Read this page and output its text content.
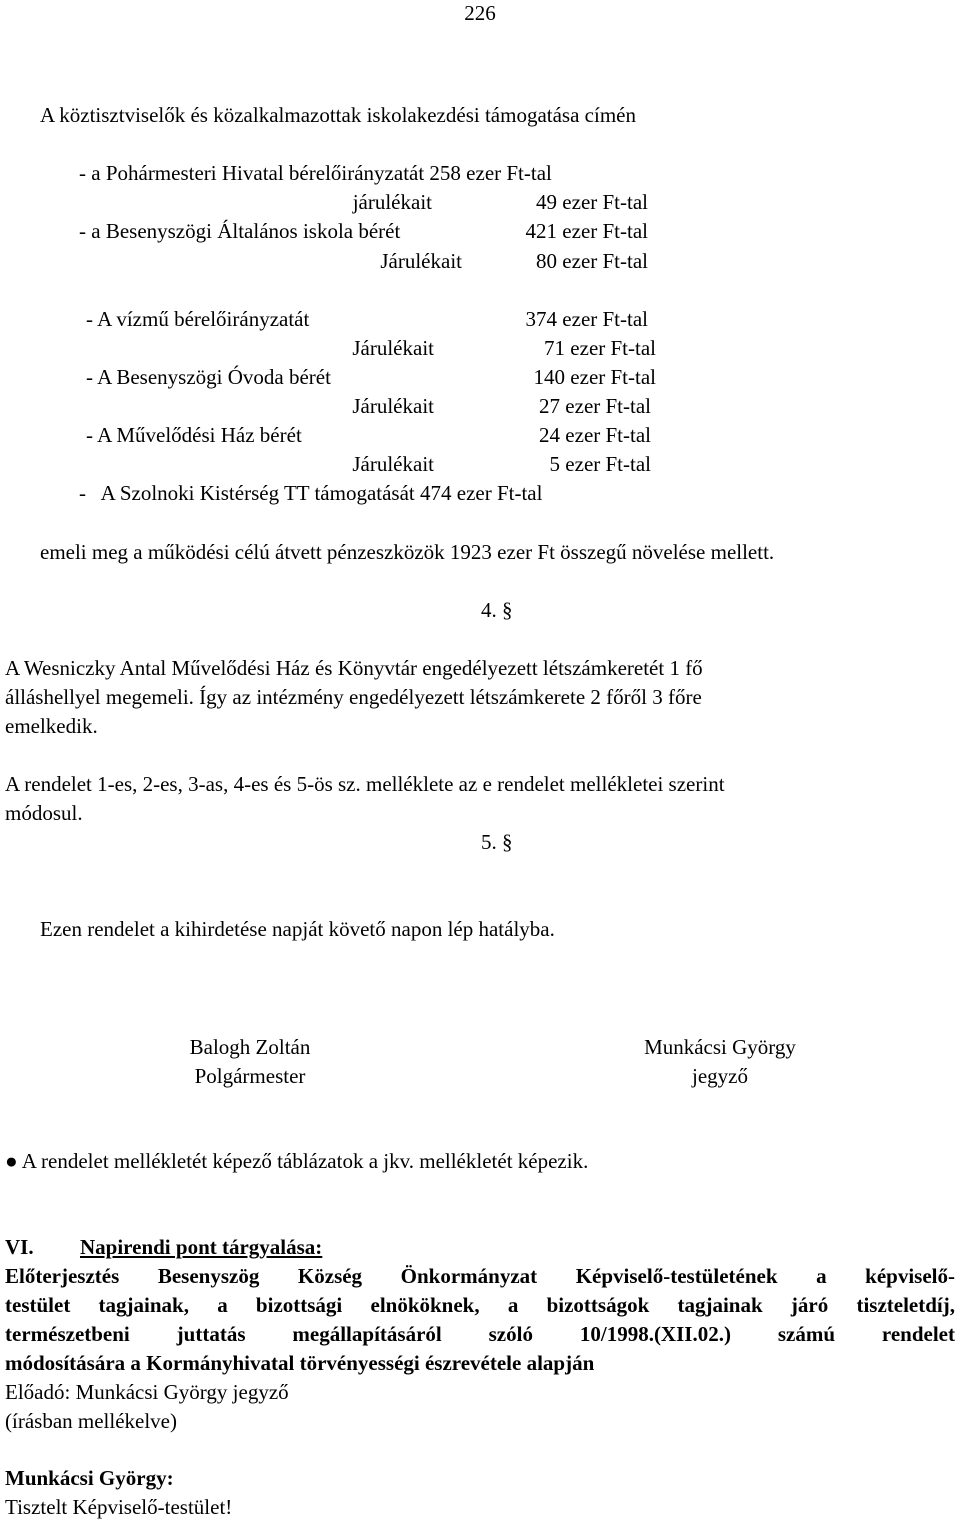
226
A köztisztviselők és közalkalmazottak iskolakezdési támogatása címén
- a Pohármesteri Hivatal bérelőirányzatát 258 ezer Ft-tal
járulékait	49 ezer Ft-tal
- a Besenyszögi Általános iskola bérét	421 ezer Ft-tal
Járulékait	80 ezer Ft-tal
- A vízmű bérelőirányzatát	374 ezer Ft-tal
Járulékait	71 ezer Ft-tal
- A Besenyszögi Óvoda bérét	140 ezer Ft-tal
Járulékait	27 ezer Ft-tal
- A Művelődési Ház bérét	24 ezer Ft-tal
Járulékait	5 ezer Ft-tal
-   A Szolnoki Kistérség TT támogatását 474 ezer Ft-tal
emeli meg a működési célú átvett pénzeszközök 1923 ezer Ft összegű növelése mellett.
4. §
A Wesniczky Antal Művelődési Ház és Könyvtár engedélyezett létszámkeretét 1 fő
álláshellyel megemeli. Így az intézmény engedélyezett létszámkerete 2 főről 3 főre
emelkedik.
A rendelet 1-es, 2-es, 3-as, 4-es és 5-ös sz. melléklete az e rendelet mellékletei szerint
módosul.
5. §
Ezen rendelet a kihirdetése napját követő napon lép hatályba.
Balogh Zoltán
Polgármester
Munkácsi György
jegyző
● A rendelet mellékletét képező táblázatok a jkv. mellékletét képezik.
VI. Napirendi pont tárgyalása:
Előterjesztés Besenyszög Község Önkormányzat Képviselő-testületének a képviselő-
testület tagjainak, a bizottsági elnököknek, a bizottságok tagjainak járó tiszteletdíj,
természetbeni juttatás megállapításáról szóló 10/1998.(XII.02.) számú rendelet
módosítására a Kormányhivatal törvényességi észrevétele alapján
Előadó: Munkácsi György jegyző
(írásban mellékelve)
Munkácsi György:
Tisztelt Képviselő-testület!
